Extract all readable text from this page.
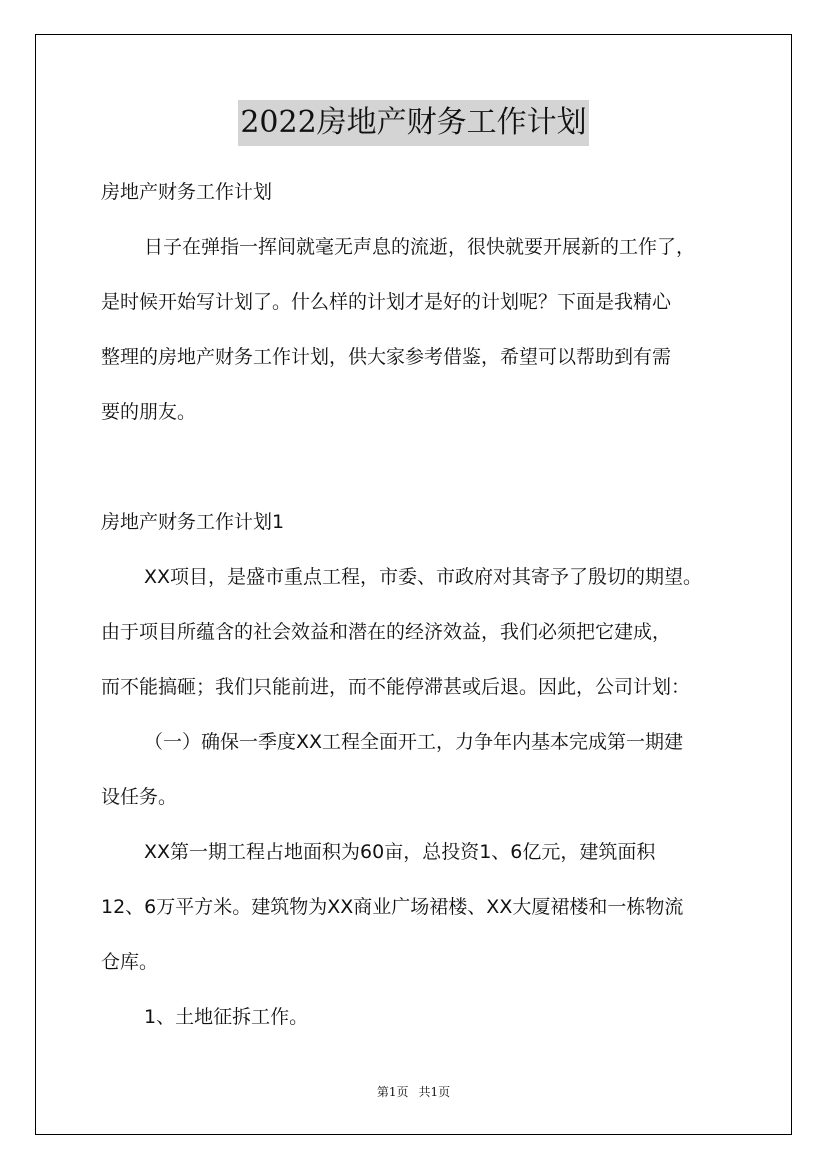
2022房地产财务工作计划

房地产财务工作计划

日子在弹指一挥间就毫无声息的流逝，很快就要开展新的工作了，

是时候开始写计划了。什么样的计划才是好的计划呢？下面是我精心

整理的房地产财务工作计划，供大家参考借鉴，希望可以帮助到有需

要的朋友。

房地产财务工作计划1

XX项目，是盛市重点工程，市委、市政府对其寄予了殷切的期望。

由于项目所蕴含的社会效益和潜在的经济效益，我们必须把它建成，

而不能搞砸；我们只能前进，而不能停滞甚或后退。因此，公司计划：

（一）确保一季度XX工程全面开工，力争年内基本完成第一期建

设任务。

XX第一期工程占地面积为60亩，总投资1、6亿元，建筑面积

12、6万平方米。建筑物为XX商业广场裙楼、XX大厦裙楼和一栋物流

仓库。

1、土地征拆工作。

第1页 共1页
